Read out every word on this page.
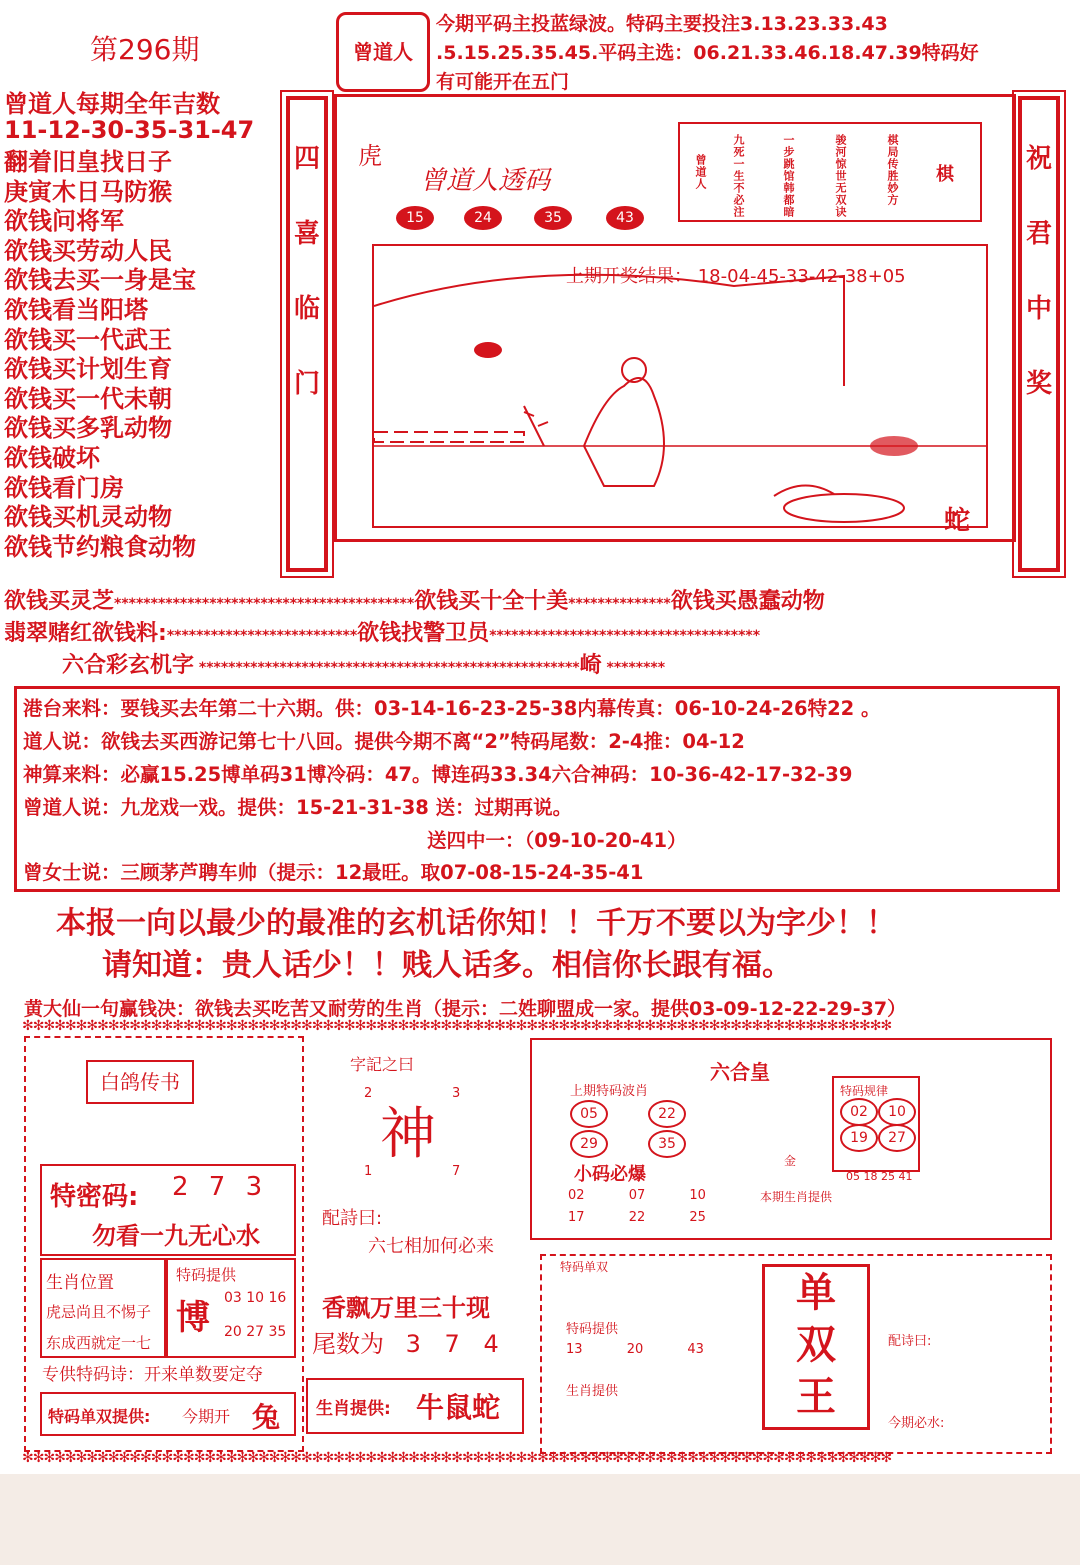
第296期	曾道人
今期平码主投蓝绿波。特码主要投注3.13.23.33.43
.5.15.25.35.45.平码主选：06.21.33.46.18.47.39特码好
有可能开在五门
曾道人每期全年吉数
11-12-30-35-31-47
翻着旧皇找日子
庚寅木日马防猴
欲钱问将军
欲钱买劳动人民
欲钱去买一身是宝
欲钱看当阳塔
欲钱买一代武王
欲钱买计划生育
欲钱买一代未朝
欲钱买多乳动物
欲钱破坏
欲钱看门房
欲钱买机灵动物
欲钱节约粮食动物
四
喜
临
门
祝
君
中
奖
虎
曾道人透码
15	24	35	43
棋局传胜妙方
骏河惊世无双诀
一步跳馆韩都暗
九死一生不必注
曾道人	棋
上期开奖结果： 18-04-45-33-42-38+05
蛇
欲钱买灵芝*****************************************欲钱买十全十美**************欲钱买愚蠢动物
翡翠赌红欲钱料:**************************欲钱找警卫员*************************************
六合彩玄机字 ****************************************************崎 ********
港台来料：要钱买去年第二十六期。供：03-14-16-23-25-38内幕传真：06-10-24-26特22 。
道人说：欲钱去买西游记第七十八回。提供今期不离“2”特码尾数：2-4推：04-12
神算来料：必赢15.25博单码31博冷码：47。博连码33.34六合神码：10-36-42-17-32-39
曾道人说：九龙戏一戏。提供：15-21-31-38 送：过期再说。
送四中一：（09-10-20-41）
曾女士说：三顾茅芦聘车帅（提示：12最旺。取07-08-15-24-35-41
本报一向以最少的最准的玄机话你知！！千万不要以为字少！！
请知道：贵人话少！！贱人话多。相信你长跟有福。
黄大仙一句赢钱决：欲钱去买吃苦又耐劳的生肖（提示：二姓聊盟成一家。提供03-09-12-22-29-37）
✻✻✻✻✻✻✻✻✻✻✻✻✻✻✻✻✻✻✻✻✻✻✻✻✻✻✻✻✻✻✻✻✻✻✻✻✻✻✻✻✻✻✻✻✻✻✻✻✻✻✻✻✻✻✻✻✻✻✻✻✻✻✻✻✻✻✻✻✻✻✻✻✻✻✻✻✻✻✻✻✻
白鸽传书
特密码: 2 7 3
勿看一九无心水
生肖位置
虎忌尚且不惕子
东成西就定一七
特码提供
博 03 10 16
20 27 35
专供特码诗：开来单数要定夺
特码单双提供: 今期开 兔
字記之曰
神
2	3
1	7
配詩曰:
六七相加何必来
香飘万里三十现
尾数为 3 7 4
生肖提供: 牛鼠蛇
六合皇
上期特码波肖
05	22
29	35
小码必爆
02	07	10
17	22	25
特码规律
02	10
19	27
金
05 18 25 41
本期生肖提供
特码单双
单
双
王
特码提供
13	20	43
生肖提供
配诗曰:
今期必水:
✻✻✻✻✻✻✻✻✻✻✻✻✻✻✻✻✻✻✻✻✻✻✻✻✻✻✻✻✻✻✻✻✻✻✻✻✻✻✻✻✻✻✻✻✻✻✻✻✻✻✻✻✻✻✻✻✻✻✻✻✻✻✻✻✻✻✻✻✻✻✻✻✻✻✻✻✻✻✻✻✻
